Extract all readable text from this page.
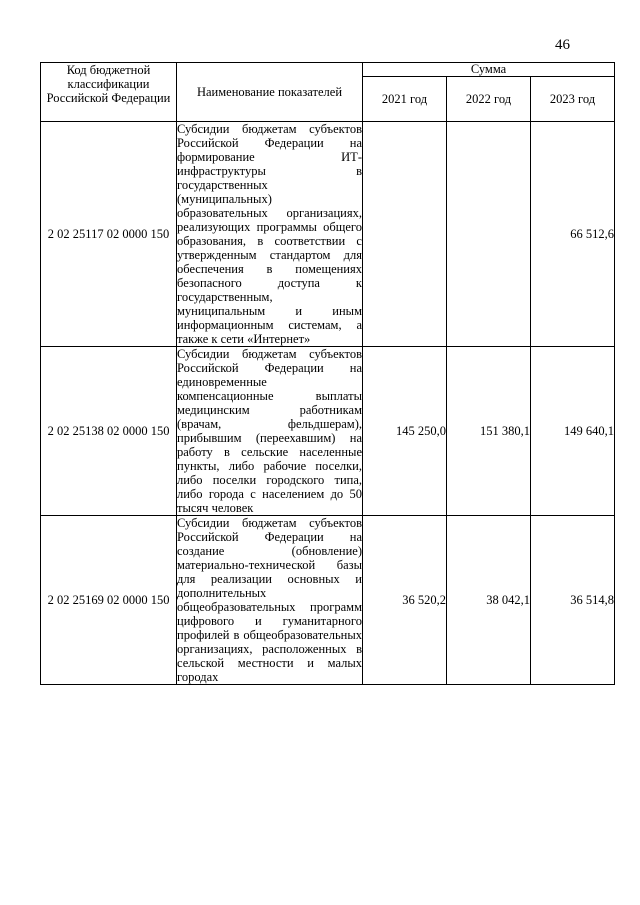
46
Код бюджетной классификации Российской Федерации	Наименование показателей	Сумма		
		2021 год	2022 год	2023 год
2 02 25117 02 0000 150	Субсидии бюджетам субъектов Российской Федерации на формирование ИТ-инфраструктуры в государственных (муниципальных) образовательных организациях, реализующих программы общего образования, в соответствии с утвержденным стандартом для обеспечения в помещениях безопасного доступа к государственным, муниципальным и иным информационным системам, а также к сети «Интернет»			66 512,6
2 02 25138 02 0000 150	Субсидии бюджетам субъектов Российской Федерации на единовременные компенсационные выплаты медицинским работникам (врачам, фельдшерам), прибывшим (переехавшим) на работу в сельские населенные пункты, либо рабочие поселки, либо поселки городского типа, либо города с населением до 50 тысяч человек	145 250,0	151 380,1	149 640,1
2 02 25169 02 0000 150	Субсидии бюджетам субъектов Российской Федерации на создание (обновление) материально-технической базы для реализации основных и дополнительных общеобразовательных программ цифрового и гуманитарного профилей в общеобразовательных организациях, расположенных в сельской местности и малых городах	36 520,2	38 042,1	36 514,8
